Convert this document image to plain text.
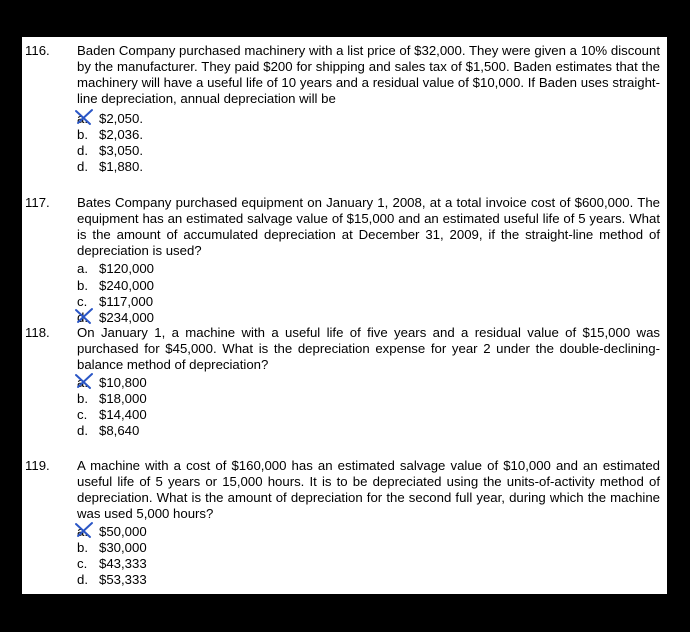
116. Baden Company purchased machinery with a list price of $32,000. They were given a 10% discount by the manufacturer. They paid $200 for shipping and sales tax of $1,500. Baden estimates that the machinery will have a useful life of 10 years and a residual value of $10,000. If Baden uses straight-line depreciation, annual depreciation will be
a. $2,050.
b. $2,036.
d. $3,050.
d. $1,880.
117. Bates Company purchased equipment on January 1, 2008, at a total invoice cost of $600,000. The equipment has an estimated salvage value of $15,000 and an estimated useful life of 5 years. What is the amount of accumulated depreciation at December 31, 2009, if the straight-line method of depreciation is used?
a. $120,000
b. $240,000
c. $117,000
d. $234,000
118. On January 1, a machine with a useful life of five years and a residual value of $15,000 was purchased for $45,000. What is the depreciation expense for year 2 under the double-declining-balance method of depreciation?
a. $10,800
b. $18,000
c. $14,400
d. $8,640
119. A machine with a cost of $160,000 has an estimated salvage value of $10,000 and an estimated useful life of 5 years or 15,000 hours. It is to be depreciated using the units-of-activity method of depreciation. What is the amount of depreciation for the second full year, during which the machine was used 5,000 hours?
a. $50,000
b. $30,000
c. $43,333
d. $53,333
